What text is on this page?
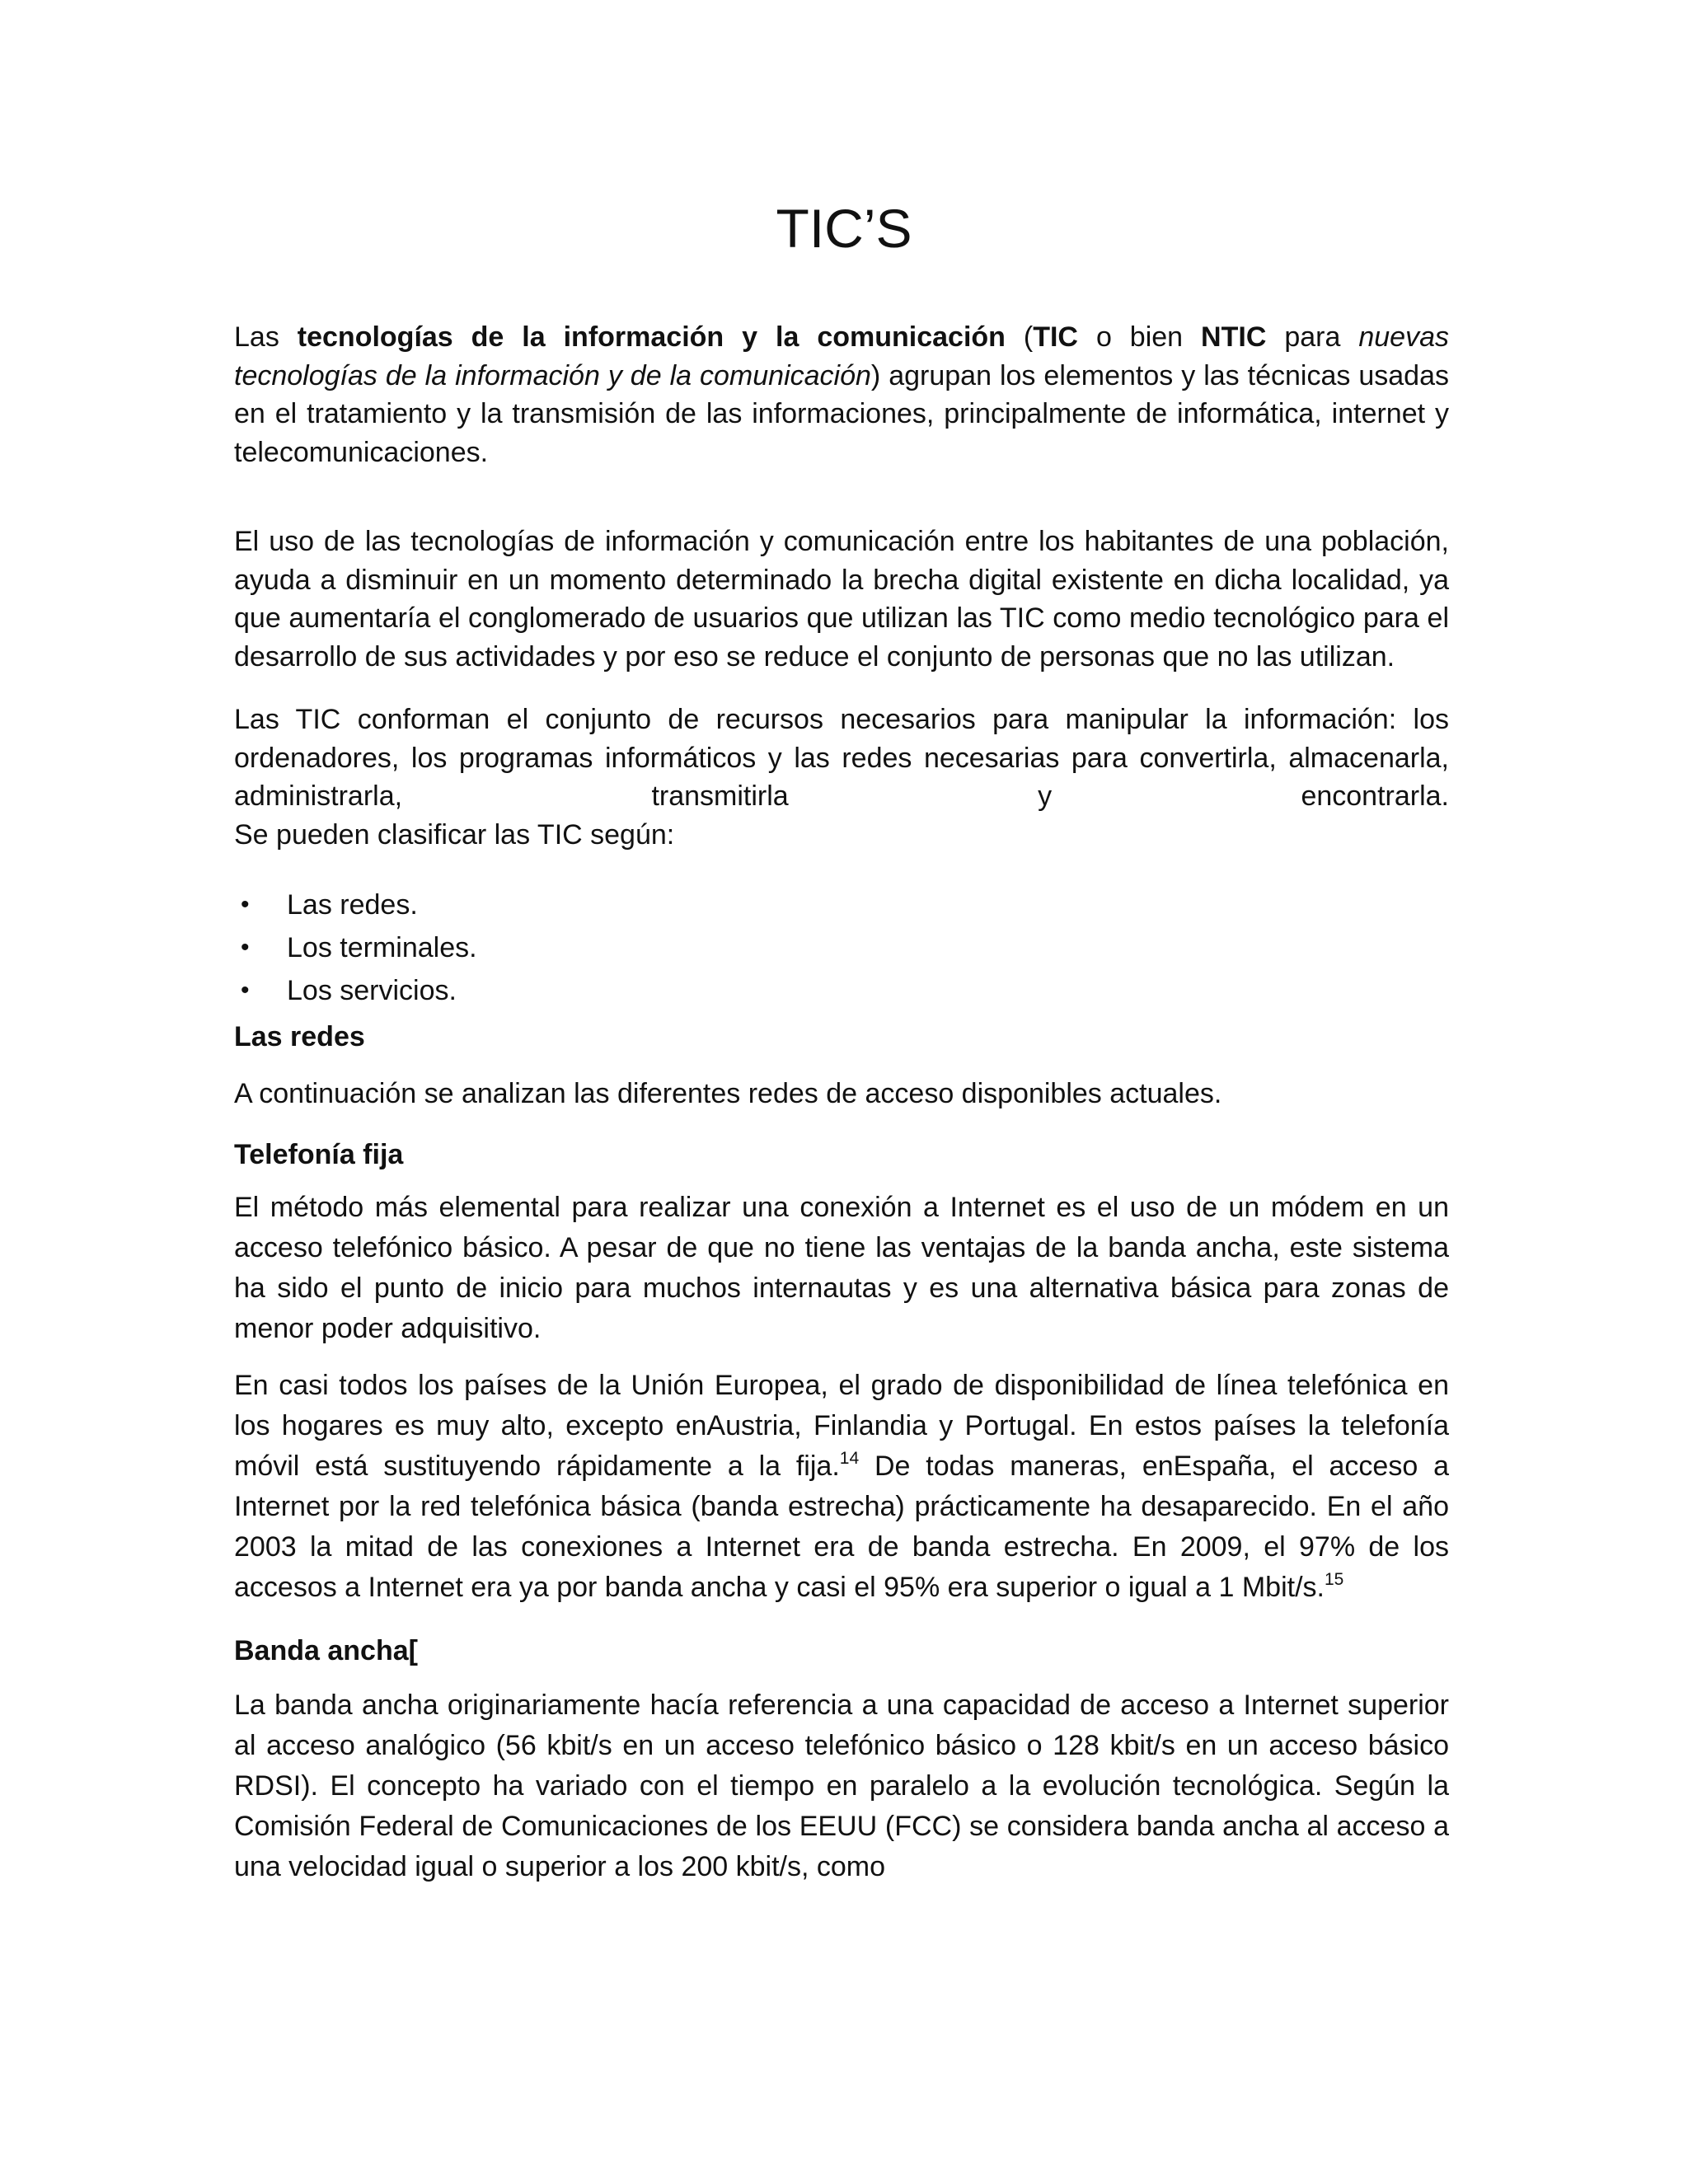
TIC’S

Las tecnologías de la información y la comunicación (TIC o bien NTIC para nuevas tecnologías de la información y de la comunicación) agrupan los elementos y las técnicas usadas en el tratamiento y la transmisión de las informaciones, principalmente de informática, internet y telecomunicaciones.

El uso de las tecnologías de información y comunicación entre los habitantes de una población, ayuda a disminuir en un momento determinado la brecha digital existente en dicha localidad, ya que aumentaría el conglomerado de usuarios que utilizan las TIC como medio tecnológico para el desarrollo de sus actividades y por eso se reduce el conjunto de personas que no las utilizan.

Las TIC conforman el conjunto de recursos necesarios para manipular la información: los ordenadores, los programas informáticos y las redes necesarias para convertirla, almacenarla, administrarla, transmitirla y encontrarla.

Se pueden clasificar las TIC según:

• Las redes.
• Los terminales.
• Los servicios.

Las redes

A continuación se analizan las diferentes redes de acceso disponibles actuales.

Telefonía fija

El método más elemental para realizar una conexión a Internet es el uso de un módem en un acceso telefónico básico. A pesar de que no tiene las ventajas de la banda ancha, este sistema ha sido el punto de inicio para muchos internautas y es una alternativa básica para zonas de menor poder adquisitivo.

En casi todos los países de la Unión Europea, el grado de disponibilidad de línea telefónica en los hogares es muy alto, excepto enAustria, Finlandia y Portugal. En estos países la telefonía móvil está sustituyendo rápidamente a la fija.$^{14}$ De todas maneras, enEspaña, el acceso a Internet por la red telefónica básica (banda estrecha) prácticamente ha desaparecido. En el año 2003 la mitad de las conexiones a Internet era de banda estrecha. En 2009, el 97% de los accesos a Internet era ya por banda ancha y casi el 95% era superior o igual a 1 Mbit/s.$^{15}$

Banda ancha[

La banda ancha originariamente hacía referencia a una capacidad de acceso a Internet superior al acceso analógico (56 kbit/s en un acceso telefónico básico o 128 kbit/s en un acceso básico RDSI). El concepto ha variado con el tiempo en paralelo a la evolución tecnológica. Según la Comisión Federal de Comunicaciones de los EEUU (FCC) se considera banda ancha al acceso a una velocidad igual o superior a los 200 kbit/s, como
